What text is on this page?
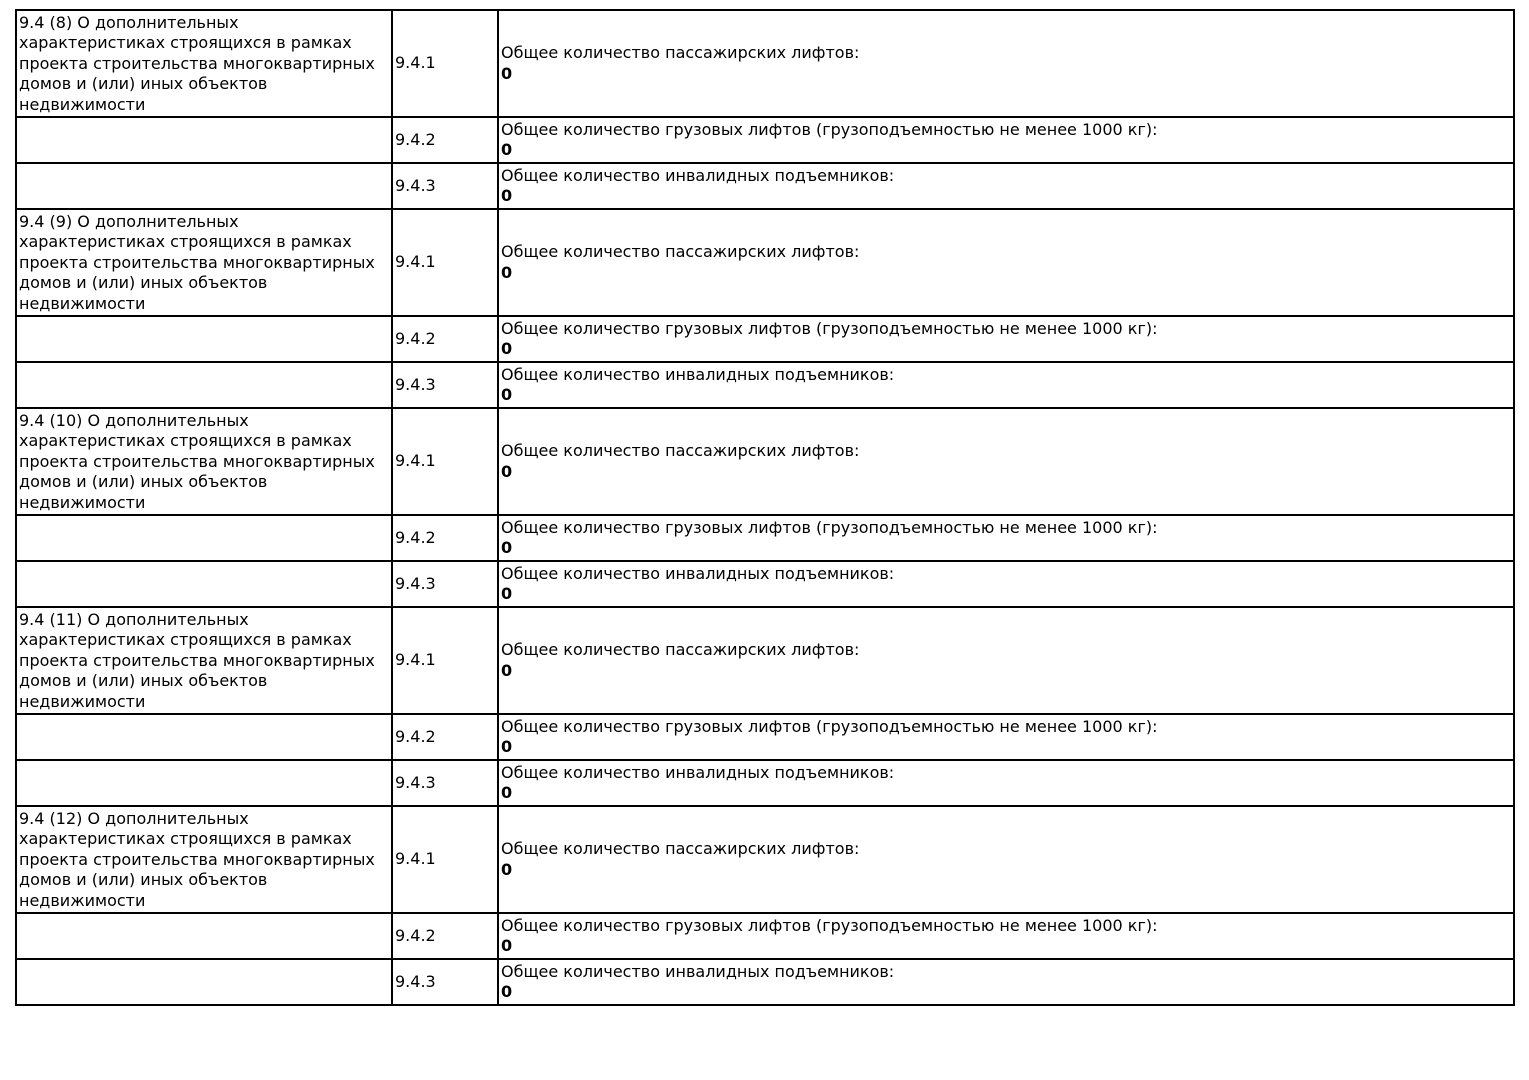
9.4 (8) О дополнительных характеристиках строящихся в рамках проекта строительства многоквартирных домов и (или) иных объектов недвижимости	9.4.1	Общее количество пассажирских лифтов:
0

	9.4.2	Общее количество грузовых лифтов (грузоподъемностью не менее 1000 кг):
0

	9.4.3	Общее количество инвалидных подъемников:
0

9.4 (9) О дополнительных характеристиках строящихся в рамках проекта строительства многоквартирных домов и (или) иных объектов недвижимости	9.4.1	Общее количество пассажирских лифтов:
0

	9.4.2	Общее количество грузовых лифтов (грузоподъемностью не менее 1000 кг):
0

	9.4.3	Общее количество инвалидных подъемников:
0

9.4 (10) О дополнительных характеристиках строящихся в рамках проекта строительства многоквартирных домов и (или) иных объектов недвижимости	9.4.1	Общее количество пассажирских лифтов:
0

	9.4.2	Общее количество грузовых лифтов (грузоподъемностью не менее 1000 кг):
0

	9.4.3	Общее количество инвалидных подъемников:
0

9.4 (11) О дополнительных характеристиках строящихся в рамках проекта строительства многоквартирных домов и (или) иных объектов недвижимости	9.4.1	Общее количество пассажирских лифтов:
0

	9.4.2	Общее количество грузовых лифтов (грузоподъемностью не менее 1000 кг):
0

	9.4.3	Общее количество инвалидных подъемников:
0

9.4 (12) О дополнительных характеристиках строящихся в рамках проекта строительства многоквартирных домов и (или) иных объектов недвижимости	9.4.1	Общее количество пассажирских лифтов:
0

	9.4.2	Общее количество грузовых лифтов (грузоподъемностью не менее 1000 кг):
0

	9.4.3	Общее количество инвалидных подъемников:
0
